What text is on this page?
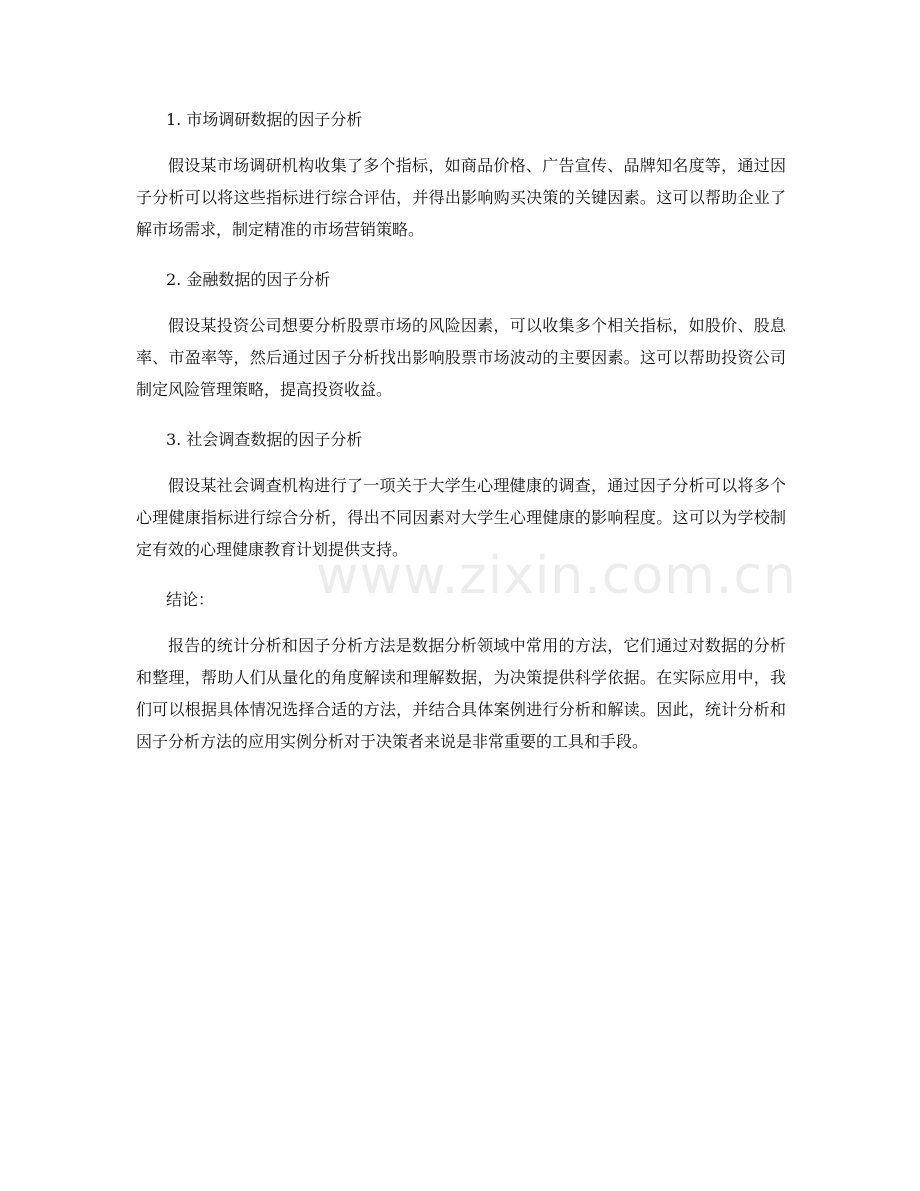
1. 市场调研数据的因子分析

假设某市场调研机构收集了多个指标，如商品价格、广告宣传、品牌知名度等，通过因子分析可以将这些指标进行综合评估，并得出影响购买决策的关键因素。这可以帮助企业了解市场需求，制定精准的市场营销策略。

2. 金融数据的因子分析

假设某投资公司想要分析股票市场的风险因素，可以收集多个相关指标，如股价、股息率、市盈率等，然后通过因子分析找出影响股票市场波动的主要因素。这可以帮助投资公司制定风险管理策略，提高投资收益。

3. 社会调查数据的因子分析

假设某社会调查机构进行了一项关于大学生心理健康的调查，通过因子分析可以将多个心理健康指标进行综合分析，得出不同因素对大学生心理健康的影响程度。这可以为学校制定有效的心理健康教育计划提供支持。

结论：

报告的统计分析和因子分析方法是数据分析领域中常用的方法，它们通过对数据的分析和整理，帮助人们从量化的角度解读和理解数据，为决策提供科学依据。在实际应用中，我们可以根据具体情况选择合适的方法，并结合具体案例进行分析和解读。因此，统计分析和因子分析方法的应用实例分析对于决策者来说是非常重要的工具和手段。

www.zixin.com.cn
